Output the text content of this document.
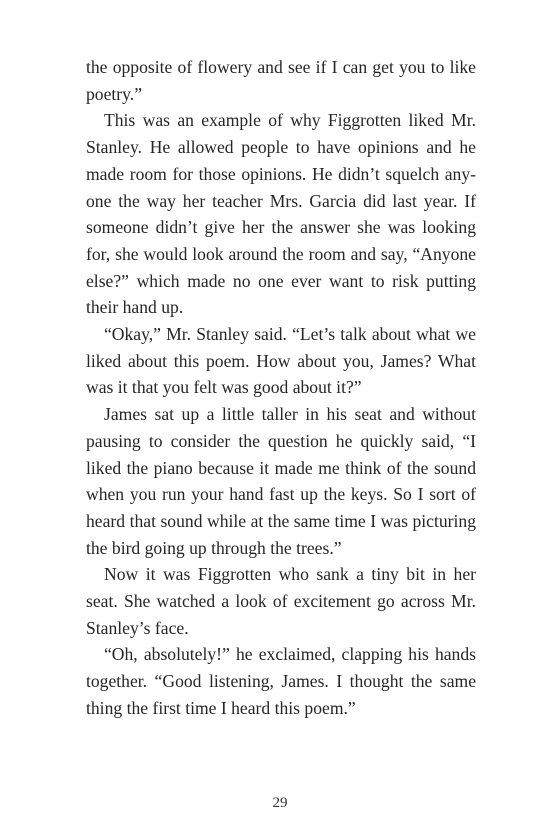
the opposite of flowery and see if I can get you to like poetry.”

This was an example of why Figgrotten liked Mr. Stanley. He allowed people to have opinions and he made room for those opinions. He didn’t squelch anyone the way her teacher Mrs. Garcia did last year. If someone didn’t give her the answer she was looking for, she would look around the room and say, “Anyone else?” which made no one ever want to risk putting their hand up.

“Okay,” Mr. Stanley said. “Let’s talk about what we liked about this poem. How about you, James? What was it that you felt was good about it?”

James sat up a little taller in his seat and without pausing to consider the question he quickly said, “I liked the piano because it made me think of the sound when you run your hand fast up the keys. So I sort of heard that sound while at the same time I was picturing the bird going up through the trees.”

Now it was Figgrotten who sank a tiny bit in her seat. She watched a look of excitement go across Mr. Stanley’s face.

“Oh, absolutely!” he exclaimed, clapping his hands together. “Good listening, James. I thought the same thing the first time I heard this poem.”

29
